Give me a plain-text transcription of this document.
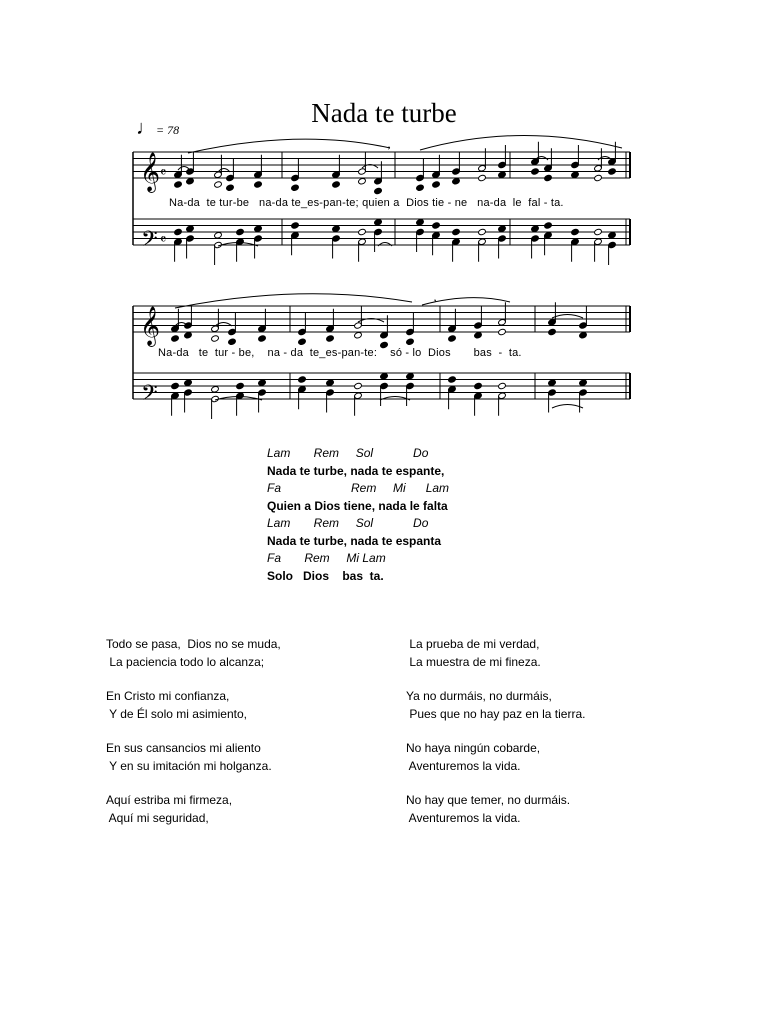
Nada te turbe
♩= 78
𝄞
𝄢
𝄞
𝄢
𝄴
𝄴
’
’
Na-da  te tur-be   na-da te_es-pan-te; quien a  Dios tie - ne   na-da  le  fal - ta.
Na-da   te  tur - be,    na - da  te_es-pan-te:    só - lo  Dios       bas  -  ta.
Lam       Rem     Sol            Do
Nada te turbe, nada te espante,
Fa                     Rem     Mi      Lam
Quien a Dios tiene, nada le falta
Lam       Rem     Sol            Do
Nada te turbe, nada te espanta
Fa       Rem     Mi Lam
Solo   Dios    bas  ta.
Todo se pasa,  Dios no se muda,
La paciencia todo lo alcanza;
En Cristo mi confianza,
Y de Él solo mi asimiento,
En sus cansancios mi aliento
Y en su imitación mi holganza.
Aquí estriba mi firmeza,
Aquí mi seguridad,
La prueba de mi verdad,
La muestra de mi fineza.
Ya no durmáis, no durmáis,
Pues que no hay paz en la tierra.
No haya ningún cobarde,
Aventuremos la vida.
No hay que temer, no durmáis.
Aventuremos la vida.
